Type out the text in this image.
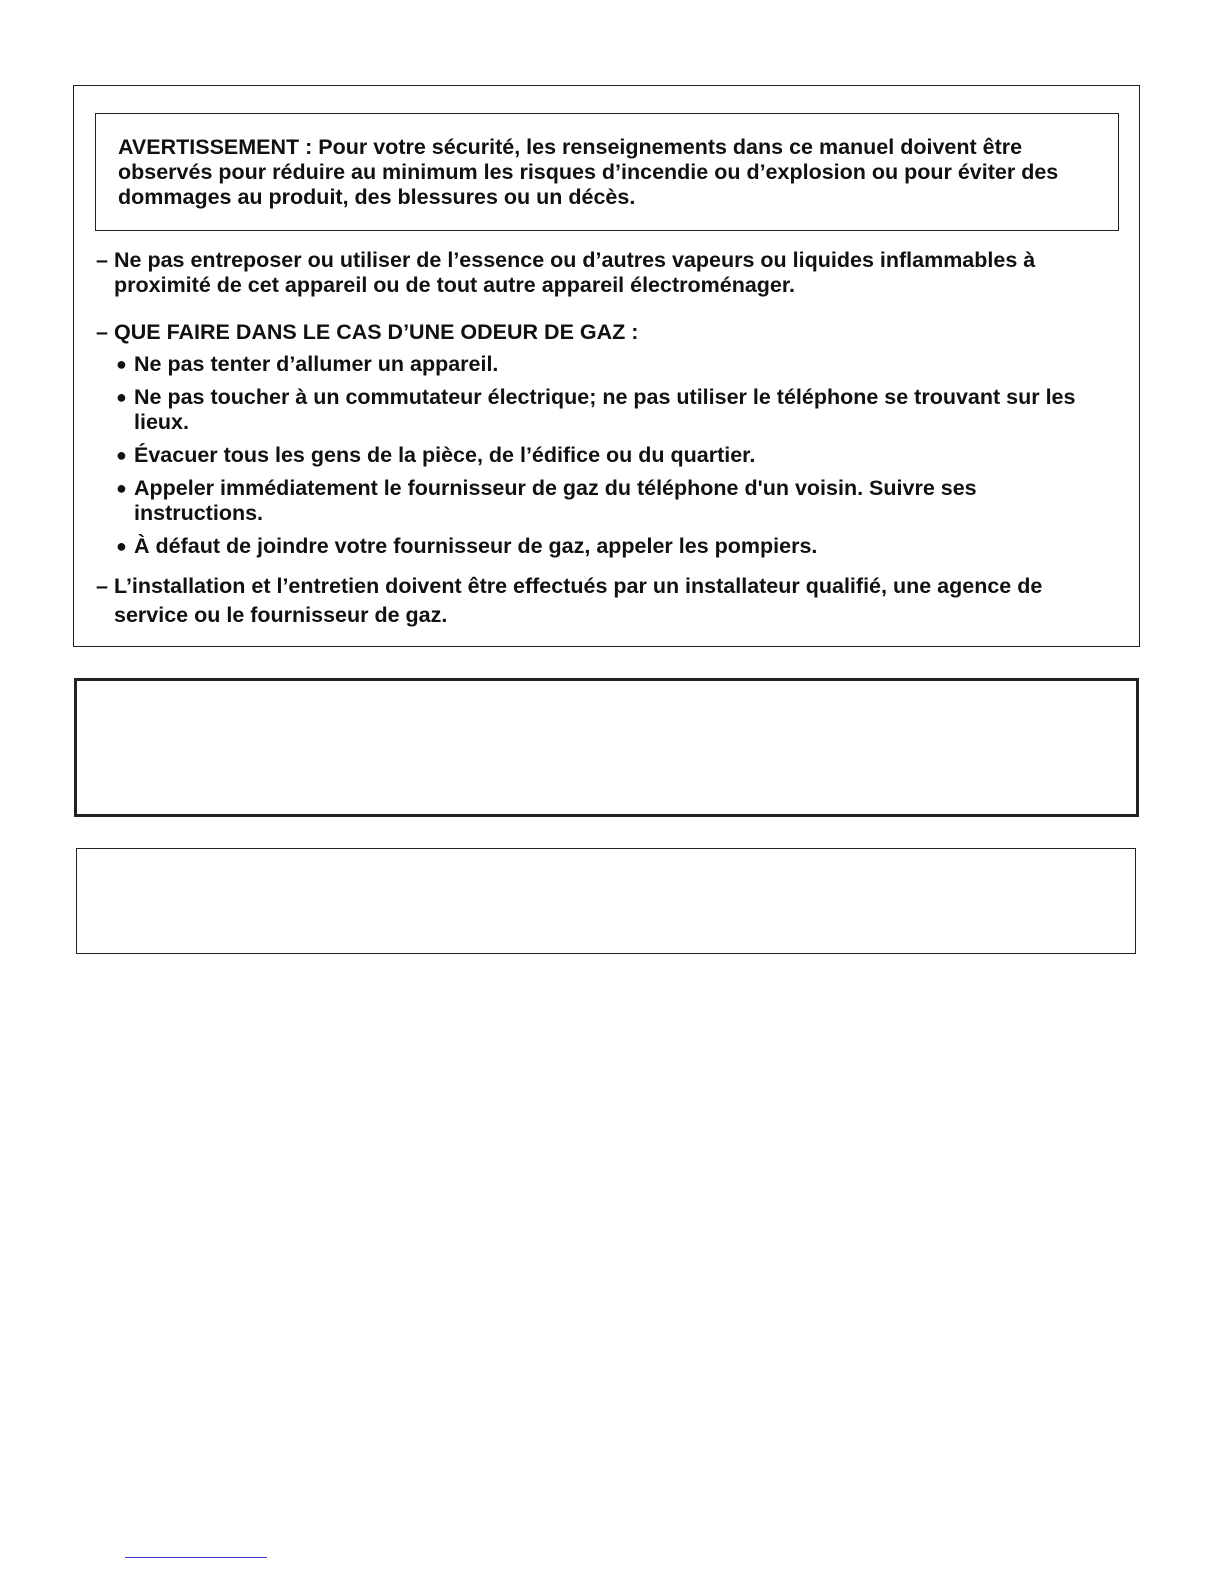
AVERTISSEMENT : Pour votre sécurité, les renseignements dans ce manuel doivent être observés pour réduire au minimum les risques d’incendie ou d’explosion ou pour éviter des dommages au produit, des blessures ou un décès.

– Ne pas entreposer ou utiliser de l’essence ou d’autres vapeurs ou liquides inflammables à proximité de cet appareil ou de tout autre appareil électroménager.
– QUE FAIRE DANS LE CAS D’UNE ODEUR DE GAZ :
● Ne pas tenter d’allumer un appareil.
● Ne pas toucher à un commutateur électrique; ne pas utiliser le téléphone se trouvant sur les lieux.
● Évacuer tous les gens de la pièce, de l’édifice ou du quartier.
● Appeler immédiatement le fournisseur de gaz du téléphone d'un voisin. Suivre ses instructions.
● À défaut de joindre votre fournisseur de gaz, appeler les pompiers.
– L’installation et l’entretien doivent être effectués par un installateur qualifié, une agence de service ou le fournisseur de gaz.
